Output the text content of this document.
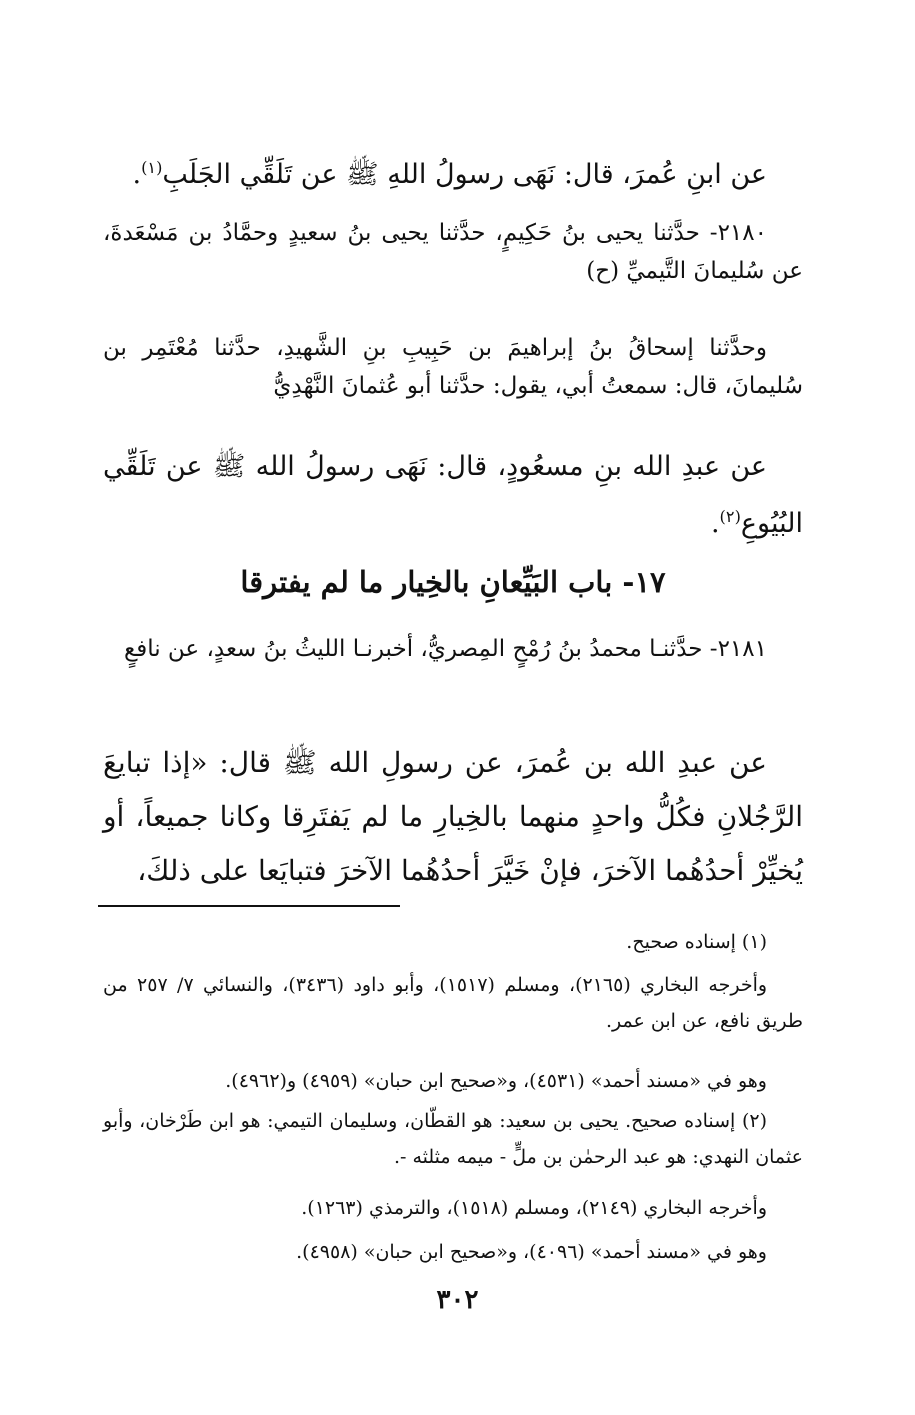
عن ابنِ عُمرَ، قال: نَهَى رسولُ اللهِ ﷺ عن تَلَقِّي الجَلَبِ$^{(١)}$.
٢١٨٠- حدَّثنا يحيى بنُ حَكِيمٍ، حدَّثنا يحيى بنُ سعيدٍ وحمَّادُ بن مَسْعَدةَ، عن سُليمانَ التَّيميِّ (ح)
وحدَّثنا إسحاقُ بنُ إبراهيمَ بن حَبِيبِ بنِ الشَّهيدِ، حدَّثنا مُعْتَمِر بن سُليمانَ، قال: سمعتُ أبي، يقول: حدَّثنا أبو عُثمانَ النَّهْدِيُّ
عن عبدِ الله بنِ مسعُودٍ، قال: نَهَى رسولُ الله ﷺ عن تَلَقِّي البُيُوعِ$^{(٢)}$.
١٧- باب البَيِّعانِ بالخِيار ما لم يفترقا
٢١٨١- حدَّثنـا محمدُ بنُ رُمْحٍ المِصريُّ، أخبرنـا الليثُ بنُ سعدٍ، عن نافعٍ
عن عبدِ الله بن عُمرَ، عن رسولِ الله ﷺ قال: «إذا تبايعَ الرَّجُلانِ فكُلُّ واحدٍ منهما بالخِيارِ ما لم يَفتَرِقا وكانا جميعاً، أو يُخيِّرْ أحدُهُما الآخرَ، فإنْ خَيَّرَ أحدُهُما الآخرَ فتبايَعا على ذلكَ،
(١) إسناده صحيح.
وأخرجه البخاري (٢١٦٥)، ومسلم (١٥١٧)، وأبو داود (٣٤٣٦)، والنسائي ٧/ ٢٥٧ من طريق نافع، عن ابن عمر.
وهو في «مسند أحمد» (٤٥٣١)، و«صحيح ابن حبان» (٤٩٥٩) و(٤٩٦٢).
(٢) إسناده صحيح. يحيى بن سعيد: هو القطّان، وسليمان التيمي: هو ابن طَرْخان، وأبو عثمان النهدي: هو عبد الرحمٰن بن ملٍّ - ميمه مثلثه -.
وأخرجه البخاري (٢١٤٩)، ومسلم (١٥١٨)، والترمذي (١٢٦٣).
وهو في «مسند أحمد» (٤٠٩٦)، و«صحيح ابن حبان» (٤٩٥٨).
٣٠٢
